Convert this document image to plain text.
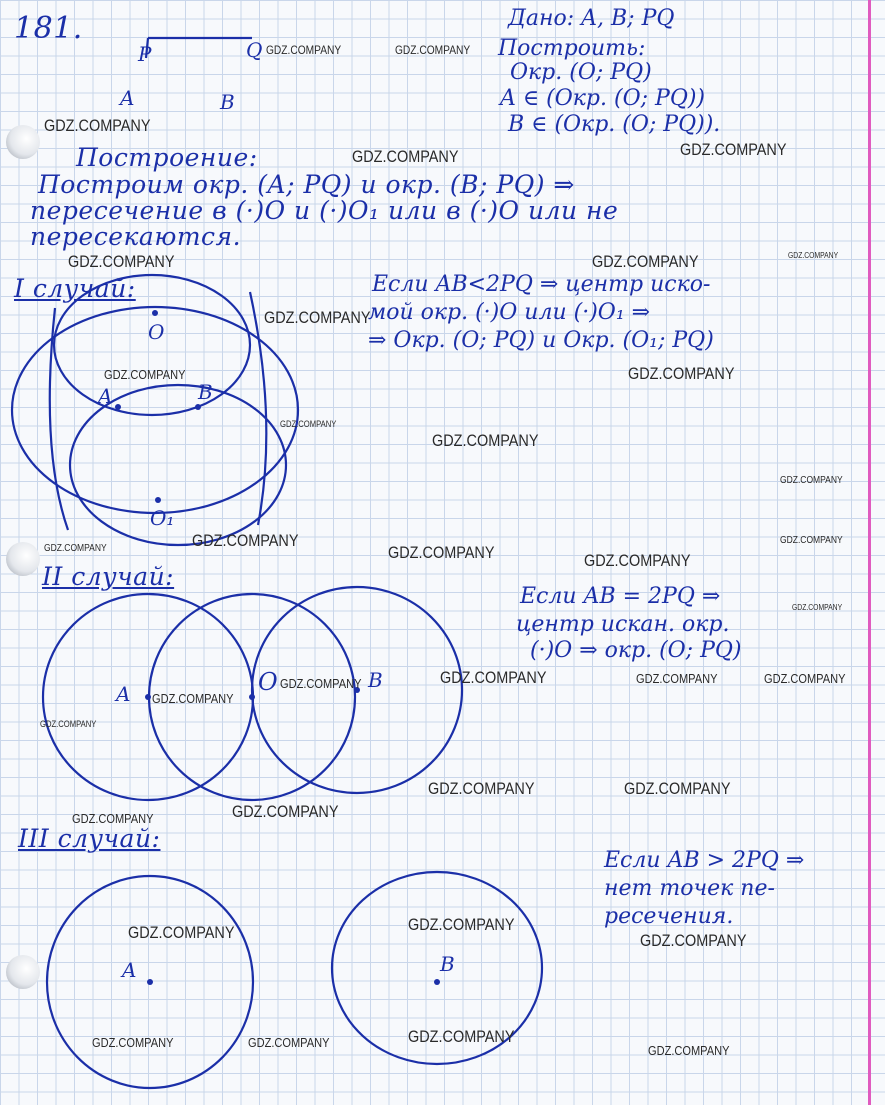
181.
P	Q
A	B
Дано: A, B; PQ
Построить:
Окр. (O; PQ)
A ∈ (Окр. (O; PQ))
B ∈ (Окр. (O; PQ)).
Построение:
Построим окр. (A; PQ) и окр. (B; PQ) ⇒
пересечение в (·)O и (·)O₁ или в (·)O или не
пересекаются.
I случай:	Если AB<2PQ ⇒ центр иско-
мой окр. (·)O или (·)O₁ ⇒
⇒ Окр. (O; PQ) и Окр. (O₁; PQ)
O
A	B
O₁
II случай:
Если AB = 2PQ ⇒
центр искан. окр.
(·)O ⇒ окр. (O; PQ)
A	O	B
III случай:
Если AB > 2PQ ⇒
нет точек пе-
ресечения.
A	B
GDZ.COMPANY	GDZ.COMPANY
GDZ.COMPANY
GDZ.COMPANY	GDZ.COMPANY
GDZ.COMPANY	GDZ.COMPANY	GDZ.COMPANY
GDZ.COMPANY
GDZ.COMPANY
GDZ.COMPANY
GDZ.COMPANY
GDZ.COMPANY
GDZ.COMPANY
GDZ.COMPANY
GDZ.COMPANY	GDZ.COMPANY
GDZ.COMPANY	GDZ.COMPANY
GDZ.COMPANY
GDZ.COMPANY	GDZ.COMPANY	GDZ.COMPANY	GDZ.COMPANY
GDZ.COMPANY
GDZ.COMPANY
GDZ.COMPANY	GDZ.COMPANY
GDZ.COMPANY
GDZ.COMPANY
GDZ.COMPANY	GDZ.COMPANY
GDZ.COMPANY
GDZ.COMPANY	GDZ.COMPANY	GDZ.COMPANY
GDZ.COMPANY
